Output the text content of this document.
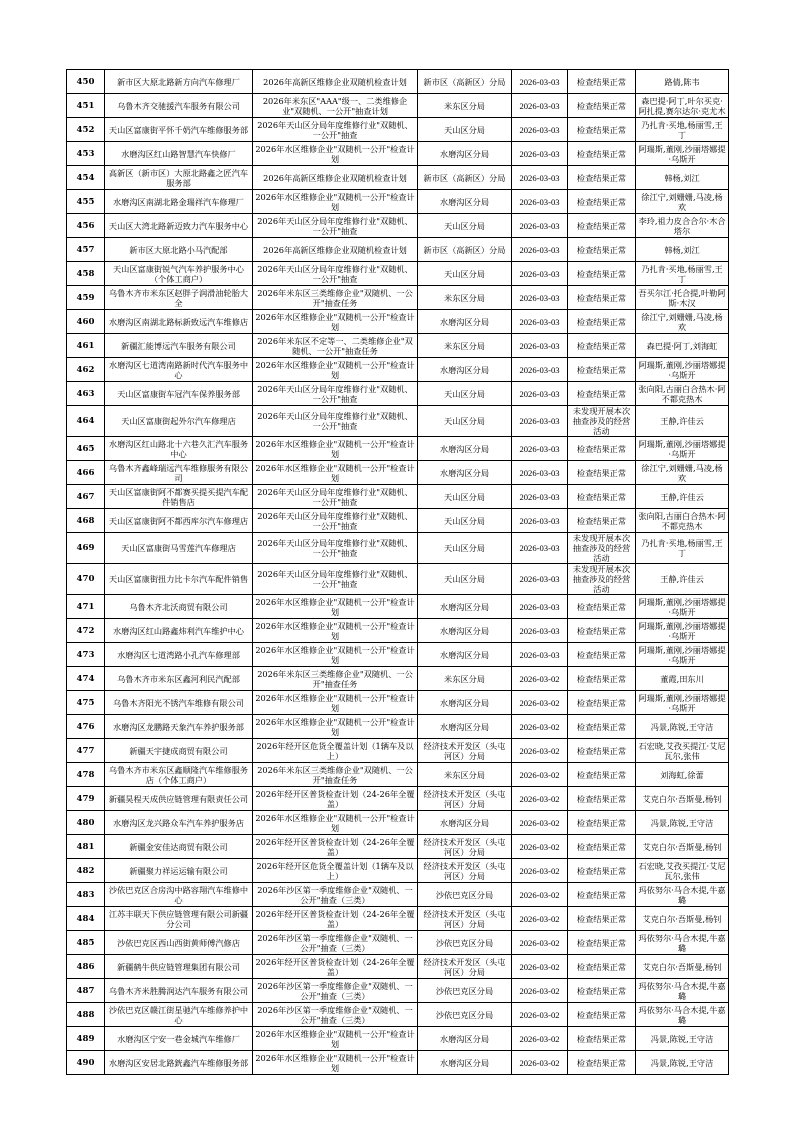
450	新市区大原北路新方向汽车修理厂	2026年高新区维修企业双随机检查计划	新市区（高新区）分局	2026-03-03	检查结果正常	路倩,陈韦
451	乌鲁木齐交驰援汽车服务有限公司	2026年米东区"AAA"级一、二类维修企业"双随机、一公开"抽查计划	米东区分局	2026-03-03	检查结果正常	森巴提·阿丁,叶尔买克·阿扎提,赛尔达尔·克尤木
452	天山区富康街平怀千奶汽车维修服务部	2026年天山区分局年度维修行业"双随机、一公开"抽查	天山区分局	2026-03-03	检查结果正常	乃扎肯·买地,杨丽雪,王丁
453	水磨沟区红山路智慧汽车快修厂	2026年水区维修企业"双随机一公开"检查计划	水磨沟区分局	2026-03-03	检查结果正常	阿瑞斯,董刚,沙丽塔娜提·乌斯开
454	高新区（新市区）大原北路鑫之匠汽车服务部	2026年高新区维修企业双随机检查计划	新市区（高新区）分局	2026-03-03	检查结果正常	韩杨,刘江
455	水磨沟区南湖北路金瑞祥汽车修理厂	2026年水区维修企业"双随机一公开"检查计划	水磨沟区分局	2026-03-03	检查结果正常	徐江宁,刘姗姗,马凌,杨欢
456	天山区大湾北路新迈致力汽车服务中心	2026年天山区分局年度维修行业"双随机、一公开"抽查	天山区分局	2026-03-03	检查结果正常	李玲,祖力皮合合尔·木合塔尔
457	新市区大原北路小马汽配部	2026年高新区维修企业双随机检查计划	新市区（高新区）分局	2026-03-03	检查结果正常	韩杨,刘江
458	天山区富康街锐气汽车养护服务中心（个体工商户）	2026年天山区分局年度维修行业"双随机、一公开"抽查	天山区分局	2026-03-03	检查结果正常	乃扎肯·买地,杨丽雪,王丁
459	乌鲁木齐市米东区赵胖子润滑油轮胎大全	2026年米东区三类维修企业"双随机、一公开"抽查任务	米东区分局	2026-03-03	检查结果正常	吾买尔江·托合提,叶勒阿斯·木汉
460	水磨沟区南湖北路标新致远汽车维修店	2026年水区维修企业"双随机一公开"检查计划	水磨沟区分局	2026-03-03	检查结果正常	徐江宁,刘姗姗,马凌,杨欢
461	新疆汇能博远汽车服务有限公司	2026年米东区不定等一、二类维修企业"双随机、一公开"抽查任务	米东区分局	2026-03-03	检查结果正常	森巴提·阿丁,刘海虹
462	水磨沟区七道湾南路新时代汽车服务中心	2026年水区维修企业"双随机一公开"检查计划	水磨沟区分局	2026-03-03	检查结果正常	阿瑞斯,董刚,沙丽塔娜提·乌斯开
463	天山区富康街车冠汽车保养服务部	2026年天山区分局年度维修行业"双随机、一公开"抽查	天山区分局	2026-03-03	检查结果正常	张向阳,古丽白合热木·阿不都克热木
464	天山区富康街起外尔汽车修理店	2026年天山区分局年度维修行业"双随机、一公开"抽查	天山区分局	2026-03-03	未发现开展本次抽查涉及的经营活动	王静,许佳云
465	水磨沟区红山路北十六巷久汇汽车服务中心	2026年水区维修企业"双随机一公开"检查计划	水磨沟区分局	2026-03-03	检查结果正常	阿瑞斯,董刚,沙丽塔娜提·乌斯开
466	乌鲁木齐鑫峰瑞远汽车维修服务有限公司	2026年水区维修企业"双随机一公开"检查计划	水磨沟区分局	2026-03-03	检查结果正常	徐江宁,刘姗姗,马凌,杨欢
467	天山区富康街阿不都赛买提买提汽车配件销售店	2026年天山区分局年度维修行业"双随机、一公开"抽查	天山区分局	2026-03-03	检查结果正常	王静,许佳云
468	天山区富康街阿不都西库尔汽车修理店	2026年天山区分局年度维修行业"双随机、一公开"抽查	天山区分局	2026-03-03	检查结果正常	张向阳,古丽白合热木·阿不都克热木
469	天山区富康街马雪莲汽车修理店	2026年天山区分局年度维修行业"双随机、一公开"抽查	天山区分局	2026-03-03	未发现开展本次抽查涉及的经营活动	乃扎肯·买地,杨丽雪,王丁
470	天山区富康街扭力比卡尔汽车配件销售	2026年天山区分局年度维修行业"双随机、一公开"抽查	天山区分局	2026-03-03	未发现开展本次抽查涉及的经营活动	王静,许佳云
471	乌鲁木齐北沃商贸有限公司	2026年水区维修企业"双随机一公开"检查计划	水磨沟区分局	2026-03-03	检查结果正常	阿瑞斯,董刚,沙丽塔娜提·乌斯开
472	水磨沟区红山路鑫炜利汽车维护中心	2026年水区维修企业"双随机一公开"检查计划	水磨沟区分局	2026-03-03	检查结果正常	阿瑞斯,董刚,沙丽塔娜提·乌斯开
473	水磨沟区七道湾路小孔汽车修理部	2026年水区维修企业"双随机一公开"检查计划	水磨沟区分局	2026-03-03	检查结果正常	阿瑞斯,董刚,沙丽塔娜提·乌斯开
474	乌鲁木齐市米东区鑫河利民汽配部	2026年米东区三类维修企业"双随机、一公开"抽查任务	米东区分局	2026-03-02	检查结果正常	董霞,田东川
475	乌鲁木齐阳光不锈汽车维修有限公司	2026年水区维修企业"双随机一公开"检查计划	水磨沟区分局	2026-03-02	检查结果正常	阿瑞斯,董刚,沙丽塔娜提·乌斯开
476	水磨沟区龙鹏路天象汽车养护服务部	2026年水区维修企业"双随机一公开"检查计划	水磨沟区分局	2026-03-02	检查结果正常	冯景,陈锐,王守洁
477	新疆天宇捷成商贸有限公司	2026年经开区危货全覆盖计划（1辆车及以上）	经济技术开发区（头屯河区）分局	2026-03-02	检查结果正常	石宏晓,艾孜买提江·艾尼瓦尔,张伟
478	乌鲁木齐市米东区鑫顺隆汽车维修服务店（个体工商户）	2026年米东区三类维修企业"双随机、一公开"抽查任务	米东区分局	2026-03-02	检查结果正常	刘海虹,徐蕾
479	新疆昊程天成供应链管理有限责任公司	2026年经开区普货检查计划（24-26年全覆盖）	经济技术开发区（头屯河区）分局	2026-03-02	检查结果正常	艾克白尔·吾斯曼,杨钊
480	水磨沟区龙兴路众车汽车养护服务店	2026年水区维修企业"双随机一公开"检查计划	水磨沟区分局	2026-03-02	检查结果正常	冯景,陈锐,王守洁
481	新疆金安佳达商贸有限公司	2026年经开区普货检查计划（24-26年全覆盖）	经济技术开发区（头屯河区）分局	2026-03-02	检查结果正常	艾克白尔·吾斯曼,杨钊
482	新疆聚力祥运运输有限公司	2026年经开区危货全覆盖计划（1辆车及以上）	经济技术开发区（头屯河区）分局	2026-03-02	检查结果正常	石宏晓,艾孜买提江·艾尼瓦尔,张伟
483	沙依巴克区合房沟中路容翔汽车维修中心	2026年沙区第一季度维修企业"双随机、一公开"抽查（三类）	沙依巴克区分局	2026-03-02	检查结果正常	玛依努尔·马合木提,牛嘉璐
484	江苏丰联天下供应链管理有限公司新疆分公司	2026年经开区普货检查计划（24-26年全覆盖）	经济技术开发区（头屯河区）分局	2026-03-02	检查结果正常	艾克白尔·吾斯曼,杨钊
485	沙依巴克区西山西街黄师傅汽修店	2026年沙区第一季度维修企业"双随机、一公开"抽查（三类）	沙依巴克区分局	2026-03-02	检查结果正常	玛依努尔·马合木提,牛嘉璐
486	新疆鹤牛供应链管理集团有限公司	2026年经开区普货检查计划（24-26年全覆盖）	经济技术开发区（头屯河区）分局	2026-03-02	检查结果正常	艾克白尔·吾斯曼,杨钊
487	乌鲁木齐米胜腾润达汽车服务有限公司	2026年沙区第一季度维修企业"双随机、一公开"抽查（三类）	沙依巴克区分局	2026-03-02	检查结果正常	玛依努尔·马合木提,牛嘉璐
488	沙依巴克区赣江街星驰汽车维修养护中心	2026年沙区第一季度维修企业"双随机、一公开"抽查（三类）	沙依巴克区分局	2026-03-02	检查结果正常	玛依努尔·马合木提,牛嘉璐
489	水磨沟区宁安一巷金城汽车维修厂	2026年水区维修企业"双随机一公开"检查计划	水磨沟区分局	2026-03-02	检查结果正常	冯景,陈锐,王守洁
490	水磨沟区安居北路銧鑫汽车维修服务部	2026年水区维修企业"双随机一公开"检查计划	水磨沟区分局	2026-03-02	检查结果正常	冯景,陈锐,王守洁
